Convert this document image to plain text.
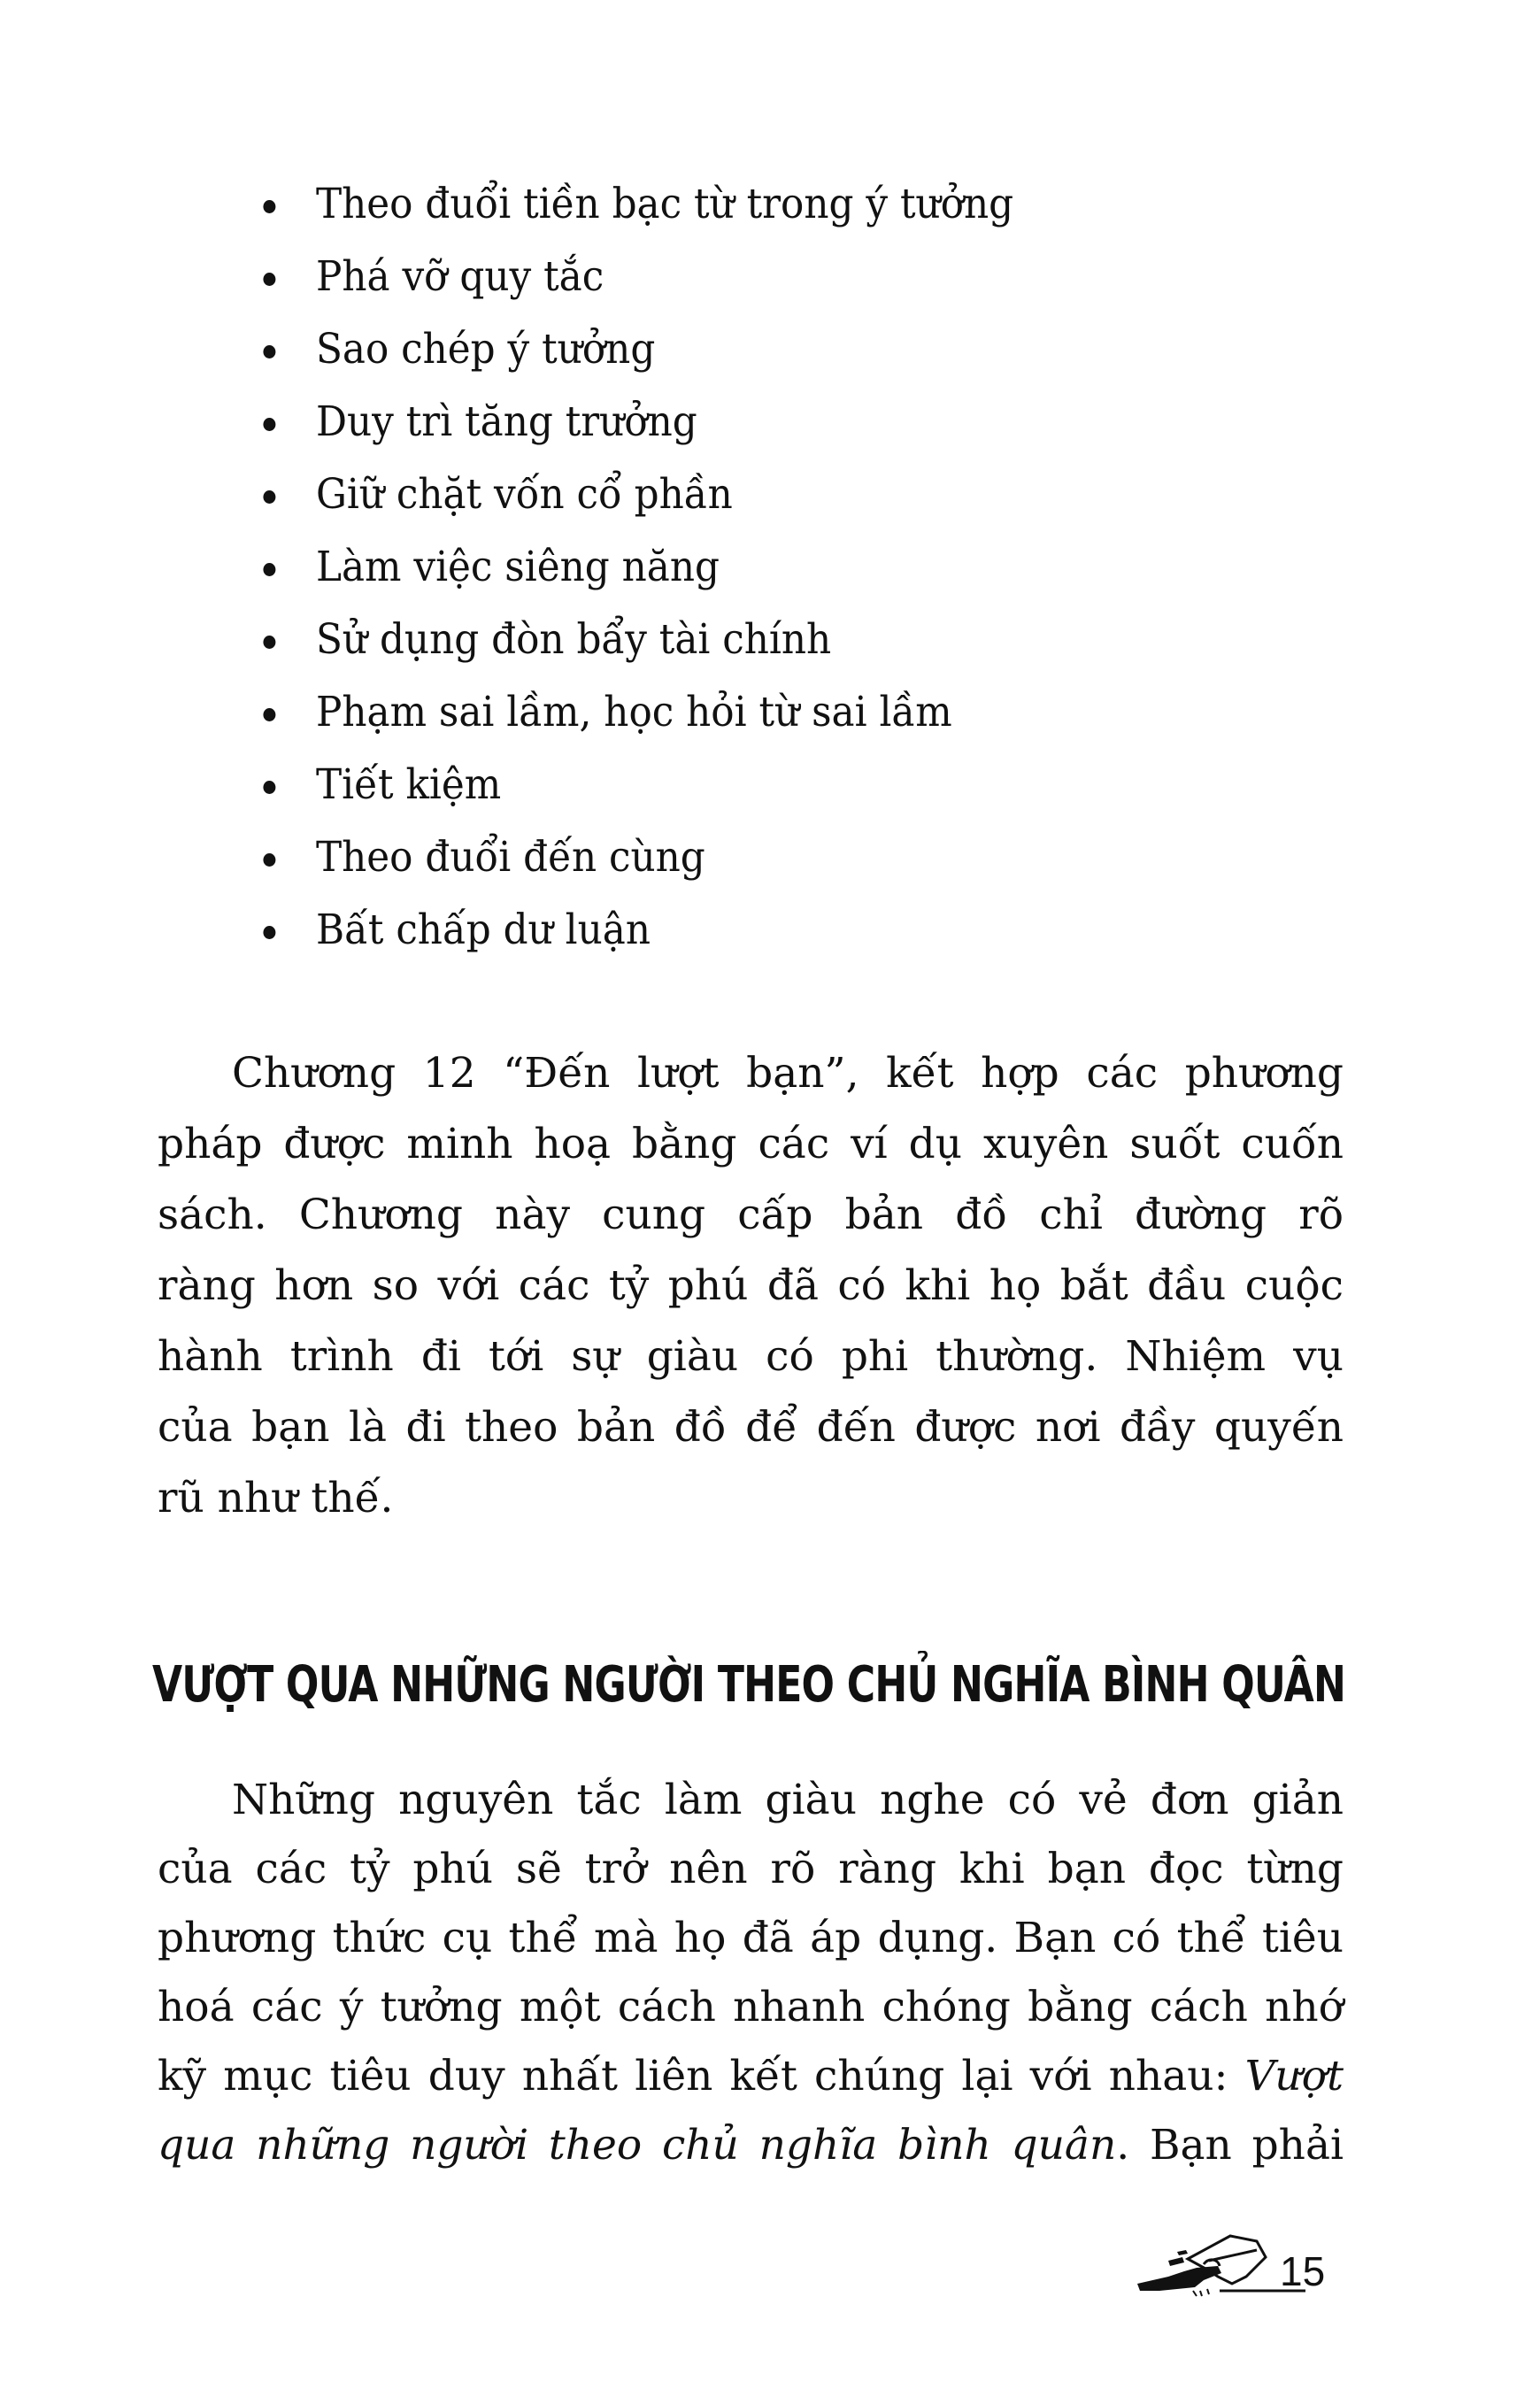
Theo đuổi tiền bạc từ trong ý tưởng
Phá vỡ quy tắc
Sao chép ý tưởng
Duy trì tăng trưởng
Giữ chặt vốn cổ phần
Làm việc siêng năng
Sử dụng đòn bẩy tài chính
Phạm sai lầm, học hỏi từ sai lầm
Tiết kiệm
Theo đuổi đến cùng
Bất chấp dư luận
Chương 12 “Đến lượt bạn”, kết hợp các phương
pháp được minh hoạ bằng các ví dụ xuyên suốt cuốn
sách. Chương này cung cấp bản đồ chỉ đường rõ
ràng hơn so với các tỷ phú đã có khi họ bắt đầu cuộc
hành trình đi tới sự giàu có phi thường. Nhiệm vụ
của bạn là đi theo bản đồ để đến được nơi đầy quyến
rũ như thế.
VƯỢT QUA NHỮNG NGƯỜI THEO CHỦ NGHĨA BÌNH QUÂN
Những nguyên tắc làm giàu nghe có vẻ đơn giản
của các tỷ phú sẽ trở nên rõ ràng khi bạn đọc từng
phương thức cụ thể mà họ đã áp dụng. Bạn có thể tiêu
hoá các ý tưởng một cách nhanh chóng bằng cách nhớ
kỹ mục tiêu duy nhất liên kết chúng lại với nhau: Vượt
qua những người theo chủ nghĩa bình quân. Bạn phải
15
